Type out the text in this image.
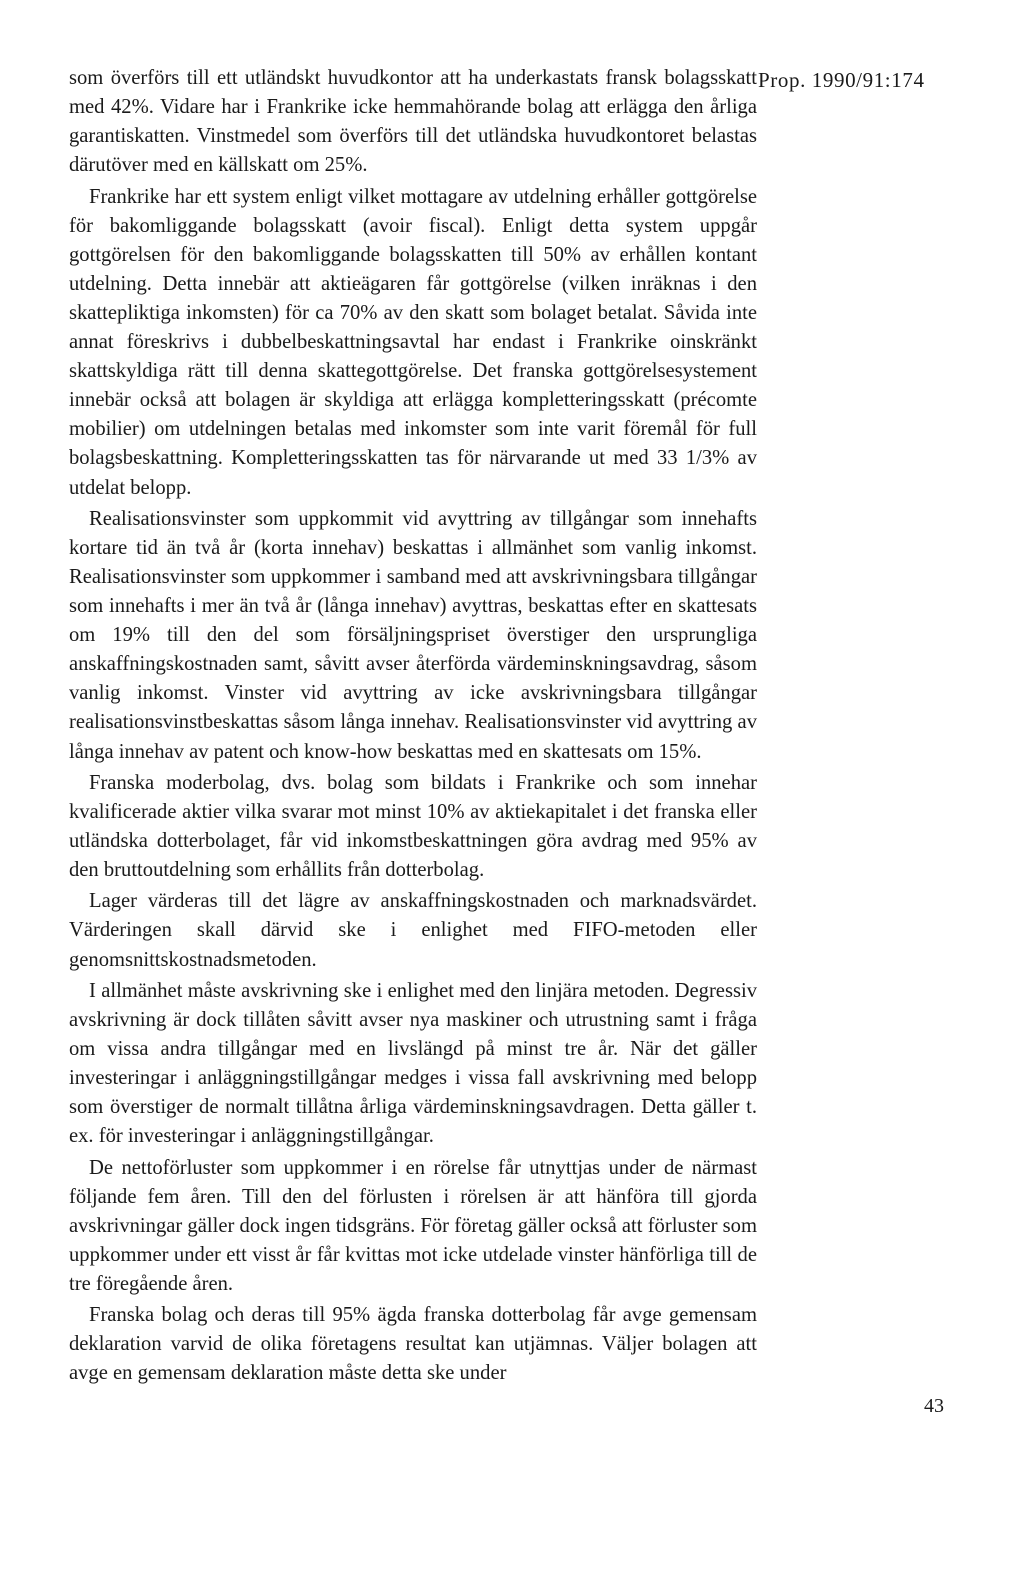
Prop. 1990/91:174

som överförs till ett utländskt huvudkontor att ha underkastats fransk bolagsskatt med 42%. Vidare har i Frankrike icke hemmahörande bolag att erlägga den årliga garantiskatten. Vinstmedel som överförs till det utländska huvudkontoret belastas därutöver med en källskatt om 25%.

Frankrike har ett system enligt vilket mottagare av utdelning erhåller gottgörelse för bakomliggande bolagsskatt (avoir fiscal). Enligt detta system uppgår gottgörelsen för den bakomliggande bolagsskatten till 50% av erhållen kontant utdelning. Detta innebär att aktieägaren får gottgörelse (vilken inräknas i den skattepliktiga inkomsten) för ca 70% av den skatt som bolaget betalat. Såvida inte annat föreskrivs i dubbelbeskattningsavtal har endast i Frankrike oinskränkt skattskyldiga rätt till denna skattegottgörelse. Det franska gottgörelsesystement innebär också att bolagen är skyldiga att erlägga kompletteringsskatt (précomte mobilier) om utdelningen betalas med inkomster som inte varit föremål för full bolagsbeskattning. Kompletteringsskatten tas för närvarande ut med 33 1/3% av utdelat belopp.

Realisationsvinster som uppkommit vid avyttring av tillgångar som innehafts kortare tid än två år (korta innehav) beskattas i allmänhet som vanlig inkomst. Realisationsvinster som uppkommer i samband med att avskrivningsbara tillgångar som innehafts i mer än två år (långa innehav) avyttras, beskattas efter en skattesats om 19% till den del som försäljningspriset överstiger den ursprungliga anskaffningskostnaden samt, såvitt avser återförda värdeminskningsavdrag, såsom vanlig inkomst. Vinster vid avyttring av icke avskrivningsbara tillgångar realisationsvinstbeskattas såsom långa innehav. Realisationsvinster vid avyttring av långa innehav av patent och know-how beskattas med en skattesats om 15%.

Franska moderbolag, dvs. bolag som bildats i Frankrike och som innehar kvalificerade aktier vilka svarar mot minst 10% av aktiekapitalet i det franska eller utländska dotterbolaget, får vid inkomstbeskattningen göra avdrag med 95% av den bruttoutdelning som erhållits från dotterbolag.

Lager värderas till det lägre av anskaffningskostnaden och marknadsvärdet. Värderingen skall därvid ske i enlighet med FIFO-metoden eller genomsnittskostnadsmetoden.

I allmänhet måste avskrivning ske i enlighet med den linjära metoden. Degressiv avskrivning är dock tillåten såvitt avser nya maskiner och utrustning samt i fråga om vissa andra tillgångar med en livslängd på minst tre år. När det gäller investeringar i anläggningstillgångar medges i vissa fall avskrivning med belopp som överstiger de normalt tillåtna årliga värdeminskningsavdragen. Detta gäller t. ex. för investeringar i anläggningstillgångar.

De nettoförluster som uppkommer i en rörelse får utnyttjas under de närmast följande fem åren. Till den del förlusten i rörelsen är att hänföra till gjorda avskrivningar gäller dock ingen tidsgräns. För företag gäller också att förluster som uppkommer under ett visst år får kvittas mot icke utdelade vinster hänförliga till de tre föregående åren.

Franska bolag och deras till 95% ägda franska dotterbolag får avge gemensam deklaration varvid de olika företagens resultat kan utjämnas. Väljer bolagen att avge en gemensam deklaration måste detta ske under

43
